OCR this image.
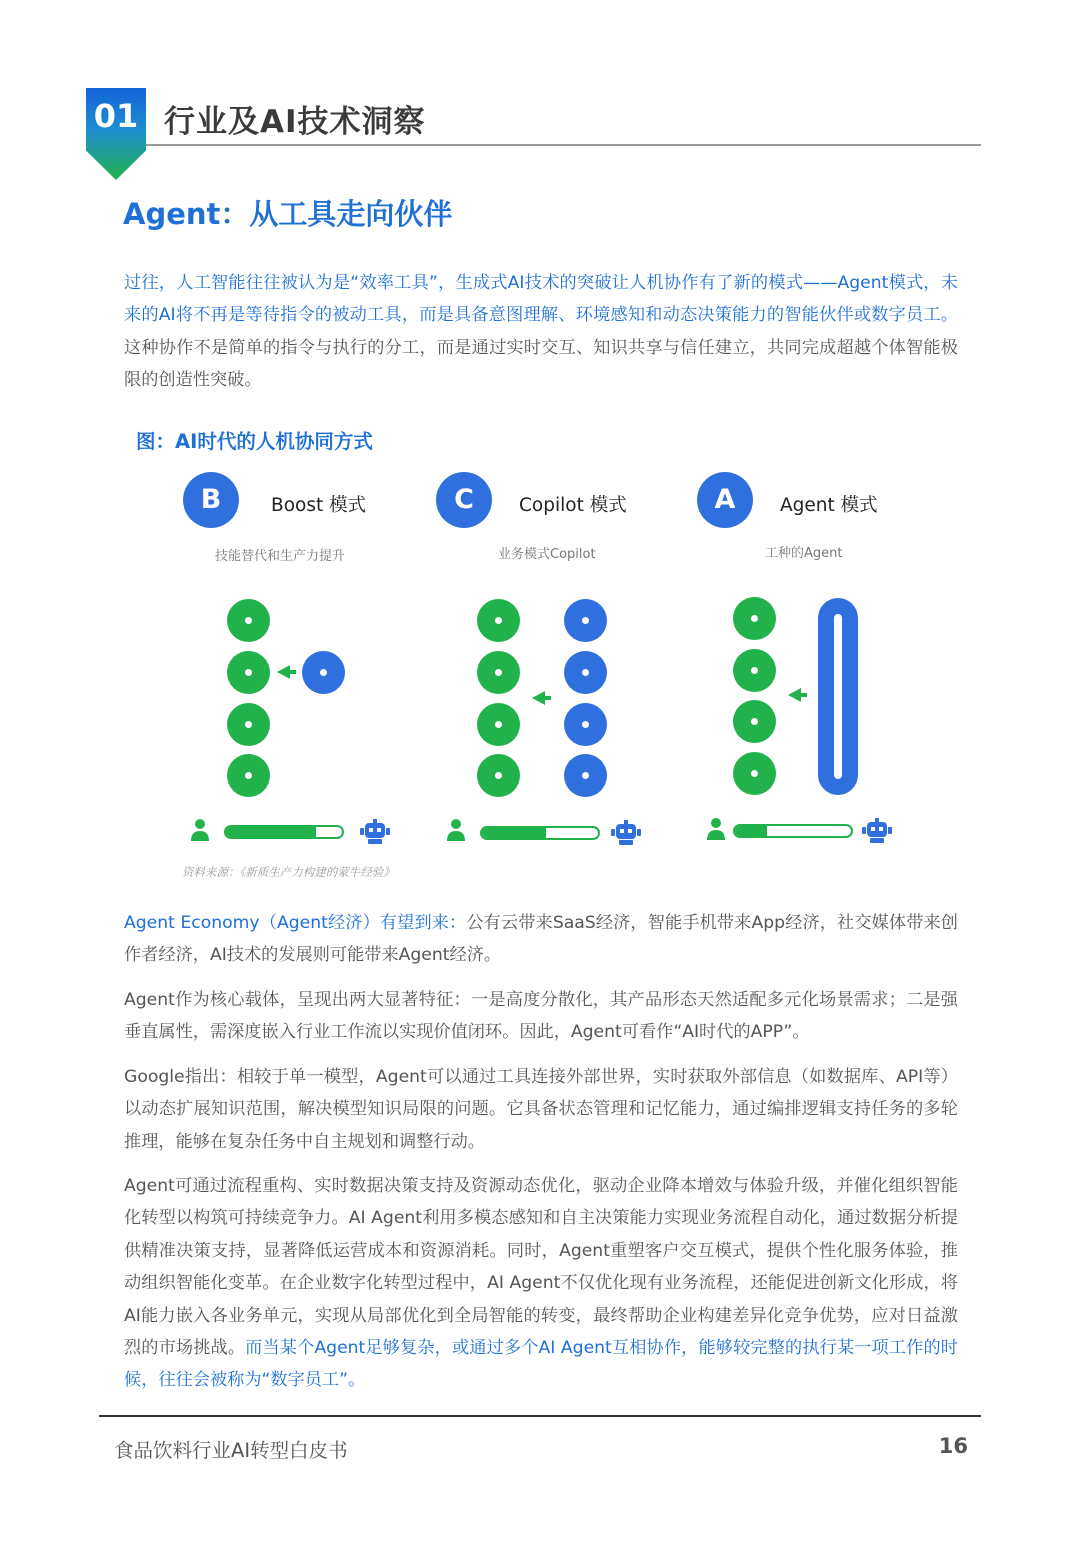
01 行业及AI技术洞察
Agent：从工具走向伙伴

过往，人工智能往往被认为是“效率工具”，生成式AI技术的突破让人机协作有了新的模式——Agent模式，未来的AI将不再是等待指令的被动工具，而是具备意图理解、环境感知和动态决策能力的智能伙伴或数字员工。这种协作不是简单的指令与执行的分工，而是通过实时交互、知识共享与信任建立，共同完成超越个体智能极限的创造性突破。

图：AI时代的人机协同方式
B	Boost 模式
技能替代和生产力提升
C	Copilot 模式
业务模式Copilot
A	Agent 模式
工种的Agent
资料来源：《新质生产力构建的蒙牛经验》

Agent Economy（Agent经济）有望到来：公有云带来SaaS经济，智能手机带来App经济，社交媒体带来创作者经济，AI技术的发展则可能带来Agent经济。

Agent作为核心载体，呈现出两大显著特征：一是高度分散化，其产品形态天然适配多元化场景需求；二是强垂直属性，需深度嵌入行业工作流以实现价值闭环。因此，Agent可看作“AI时代的APP”。

Google指出：相较于单一模型，Agent可以通过工具连接外部世界，实时获取外部信息（如数据库、API等）以动态扩展知识范围，解决模型知识局限的问题。它具备状态管理和记忆能力，通过编排逻辑支持任务的多轮推理，能够在复杂任务中自主规划和调整行动。

Agent可通过流程重构、实时数据决策支持及资源动态优化，驱动企业降本增效与体验升级，并催化组织智能化转型以构筑可持续竞争力。AI Agent利用多模态感知和自主决策能力实现业务流程自动化，通过数据分析提供精准决策支持，显著降低运营成本和资源消耗。同时，Agent重塑客户交互模式，提供个性化服务体验，推动组织智能化变革。在企业数字化转型过程中，AI Agent不仅优化现有业务流程，还能促进创新文化形成，将AI能力嵌入各业务单元，实现从局部优化到全局智能的转变，最终帮助企业构建差异化竞争优势，应对日益激烈的市场挑战。而当某个Agent足够复杂，或通过多个AI Agent互相协作，能够较完整的执行某一项工作的时候，往往会被称为“数字员工”。

食品饮料行业AI转型白皮书	16
